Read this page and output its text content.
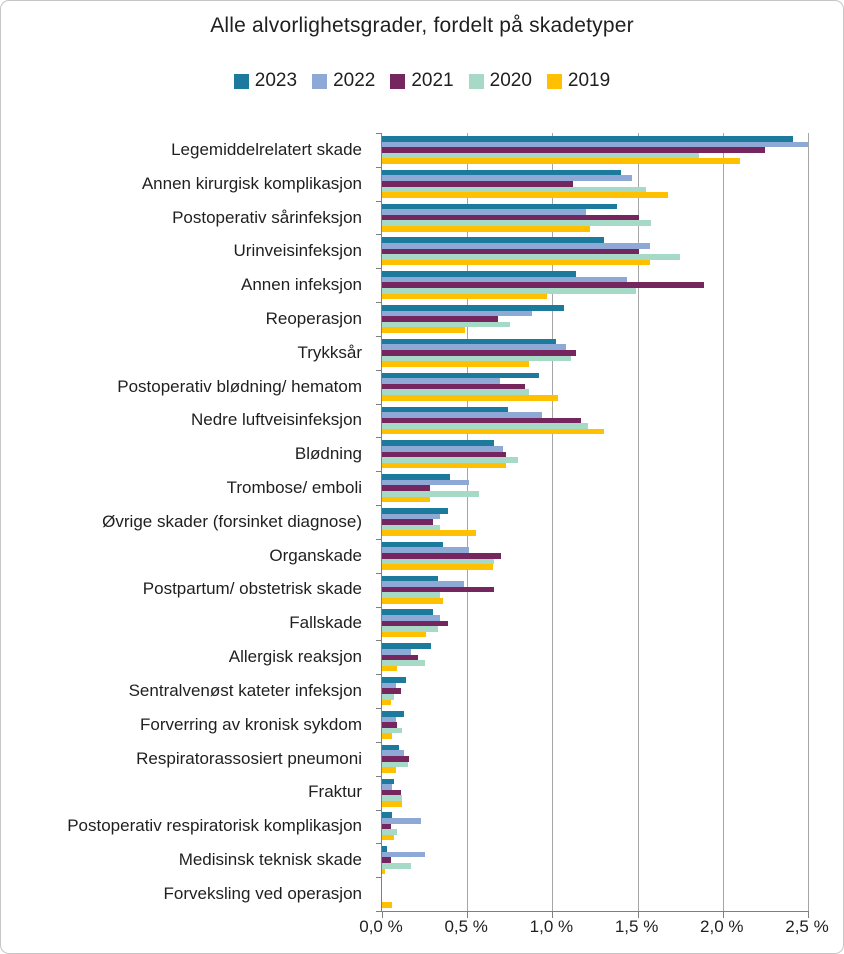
Alle alvorlighetsgrader, fordelt på skadetyper
2023 2022 2021 2020 2019
Legemiddelrelatert skade
Annen kirurgisk komplikasjon
Postoperativ sårinfeksjon
Urinveisinfeksjon
Annen infeksjon
Reoperasjon
Trykksår
Postoperativ blødning/ hematom
Nedre luftveisinfeksjon
Blødning
Trombose/ emboli
Øvrige skader (forsinket diagnose)
Organskade
Postpartum/ obstetrisk skade
Fallskade
Allergisk reaksjon
Sentralvenøst kateter infeksjon
Forverring av kronisk sykdom
Respiratorassosiert pneumoni
Fraktur
Postoperativ respiratorisk komplikasjon
Medisinsk teknisk skade
Forveksling ved operasjon
0,0 %	0,5 %	1,0 %	1,5 %	2,0 %	2,5 %
